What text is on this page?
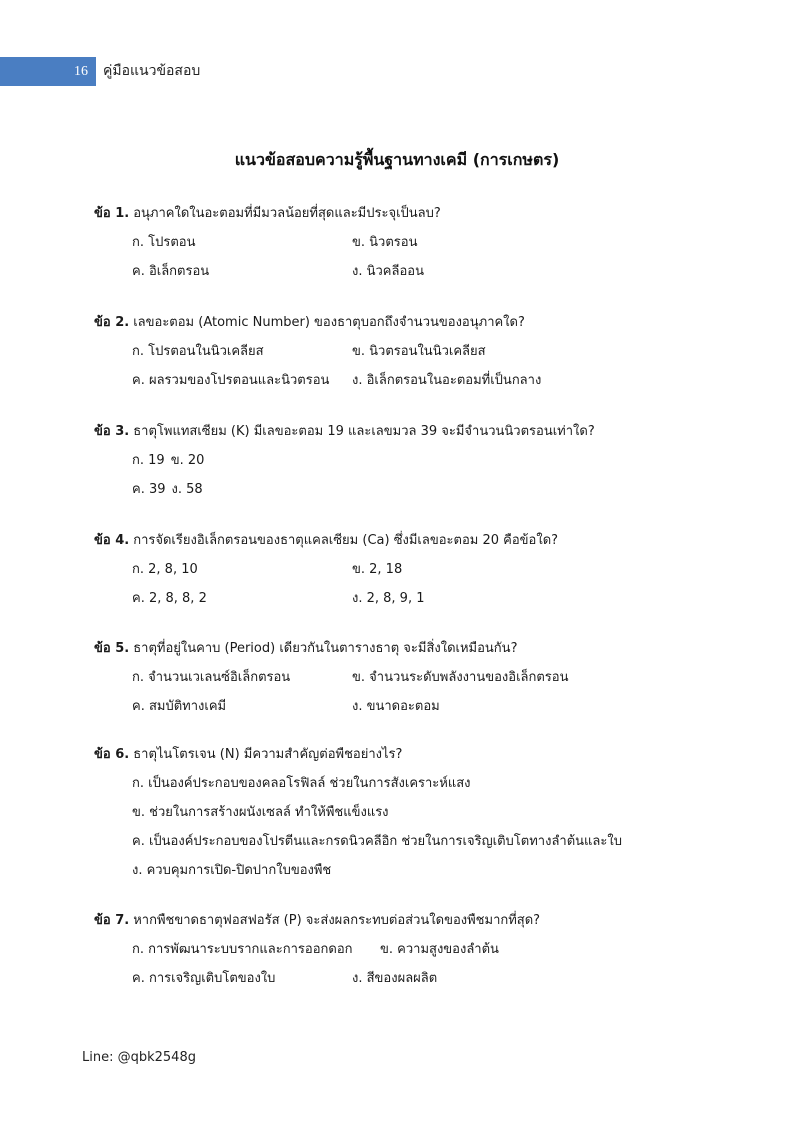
16 คู่มือแนวข้อสอบ
แนวข้อสอบความรู้พื้นฐานทางเคมี (การเกษตร)
ข้อ 1. อนุภาคใดในอะตอมที่มีมวลน้อยที่สุดและมีประจุเป็นลบ?
ก. โปรตอน	ข. นิวตรอน
ค. อิเล็กตรอน	ง. นิวคลีออน
ข้อ 2. เลขอะตอม (Atomic Number) ของธาตุบอกถึงจำนวนของอนุภาคใด?
ก. โปรตอนในนิวเคลียส	ข. นิวตรอนในนิวเคลียส
ค. ผลรวมของโปรตอนและนิวตรอน ง. อิเล็กตรอนในอะตอมที่เป็นกลาง
ข้อ 3. ธาตุโพแทสเซียม (K) มีเลขอะตอม 19 และเลขมวล 39 จะมีจำนวนนิวตรอนเท่าใด?
ก. 19 ข. 20
ค. 39 ง. 58
ข้อ 4. การจัดเรียงอิเล็กตรอนของธาตุแคลเซียม (Ca) ซึ่งมีเลขอะตอม 20 คือข้อใด?
ก. 2, 8, 10	ข. 2, 18
ค. 2, 8, 8, 2	ง. 2, 8, 9, 1
ข้อ 5. ธาตุที่อยู่ในคาบ (Period) เดียวกันในตารางธาตุ จะมีสิ่งใดเหมือนกัน?
ก. จำนวนเวเลนซ์อิเล็กตรอน	ข. จำนวนระดับพลังงานของอิเล็กตรอน
ค. สมบัติทางเคมี	ง. ขนาดอะตอม
ข้อ 6. ธาตุไนโตรเจน (N) มีความสำคัญต่อพืชอย่างไร?
ก. เป็นองค์ประกอบของคลอโรฟิลล์ ช่วยในการสังเคราะห์แสง
ข. ช่วยในการสร้างผนังเซลล์ ทำให้พืชแข็งแรง
ค. เป็นองค์ประกอบของโปรตีนและกรดนิวคลีอิก ช่วยในการเจริญเติบโตทางลำต้นและใบ
ง. ควบคุมการเปิด-ปิดปากใบของพืช
ข้อ 7. หากพืชขาดธาตุฟอสฟอรัส (P) จะส่งผลกระทบต่อส่วนใดของพืชมากที่สุด?
ก. การพัฒนาระบบรากและการออกดอก ข. ความสูงของลำต้น
ค. การเจริญเติบโตของใบ	ง. สีของผลผลิต
Line: @qbk2548g
